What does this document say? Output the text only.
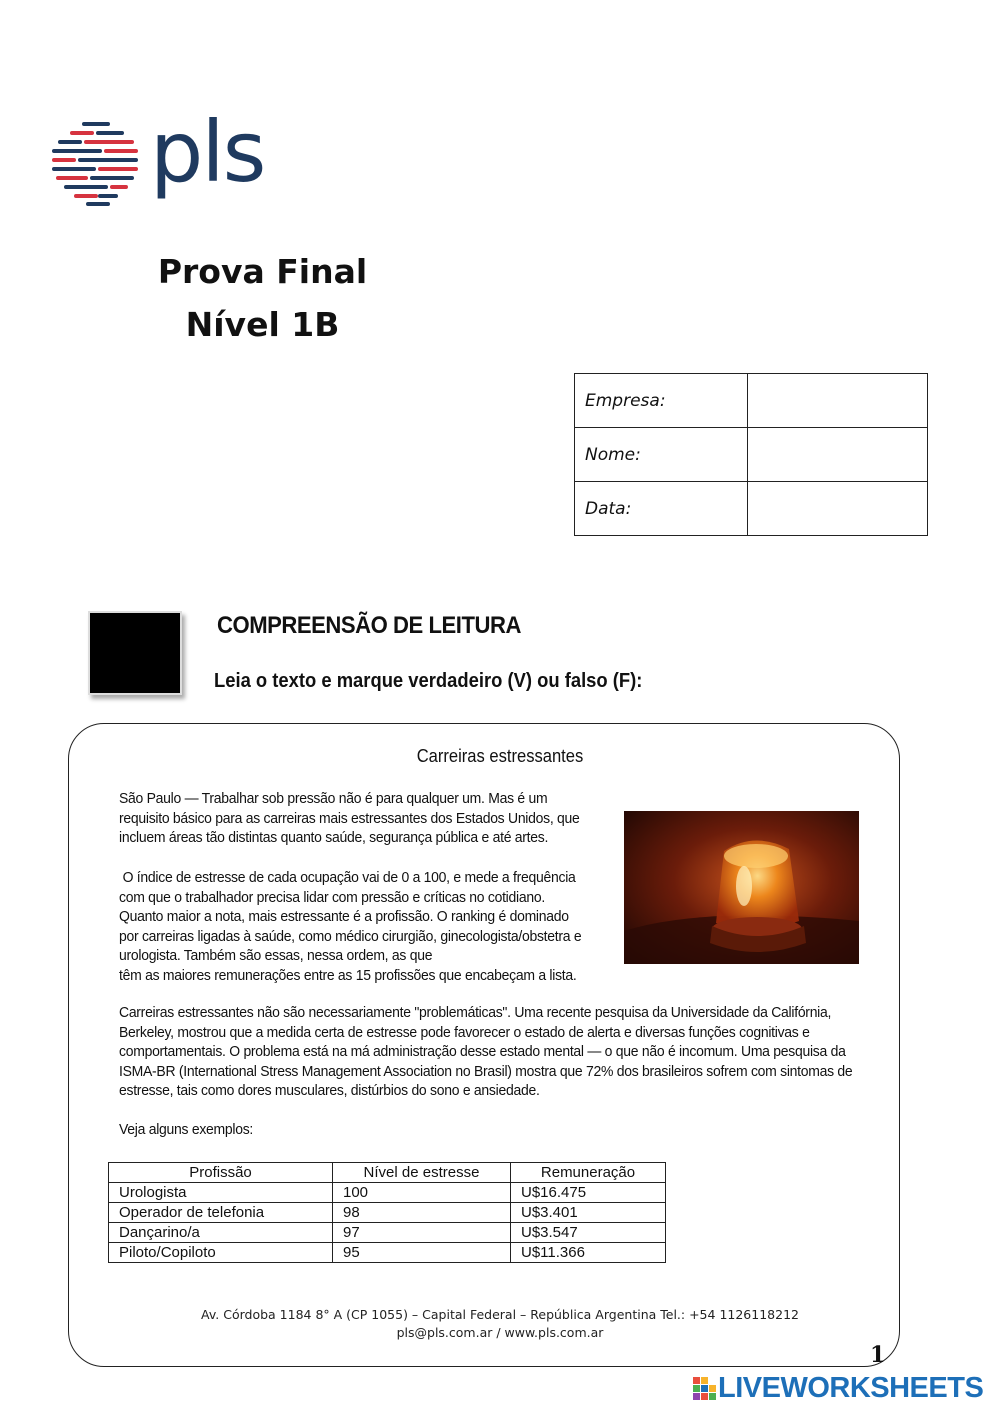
pls
Prova Final
Nível 1B
Empresa:	
Nome:	
Data:	
COMPREENSÃO DE LEITURA
Leia o texto e marque verdadeiro (V) ou falso (F):
Carreiras estressantes
São Paulo — Trabalhar sob pressão não é para qualquer um. Mas é um
requisito básico para as carreiras mais estressantes dos Estados Unidos, que
incluem áreas tão distintas quanto saúde, segurança pública e até artes.
O índice de estresse de cada ocupação vai de 0 a 100, e mede a frequência
com que o trabalhador precisa lidar com pressão e críticas no cotidiano.
Quanto maior a nota, mais estressante é a profissão. O ranking é dominado
por carreiras ligadas à saúde, como médico cirurgião, ginecologista/obstetra e
urologista. Também são essas, nessa ordem, as que
têm as maiores remunerações entre as 15 profissões que encabeçam a lista.
Carreiras estressantes não são necessariamente "problemáticas". Uma recente pesquisa da Universidade da Califórnia,
Berkeley, mostrou que a medida certa de estresse pode favorecer o estado de alerta e diversas funções cognitivas e
comportamentais. O problema está na má administração desse estado mental — o que não é incomum. Uma pesquisa da
ISMA-BR (International Stress Management Association no Brasil) mostra que 72% dos brasileiros sofrem com sintomas de
estresse, tais como dores musculares, distúrbios do sono e ansiedade.
Veja alguns exemplos:
Profissão	Nível de estresse	Remuneração
Urologista	100	U$16.475
Operador de telefonia	98	U$3.401
Dançarino/a	97	U$3.547
Piloto/Copiloto	95	U$11.366
Av. Córdoba 1184 8° A (CP 1055) – Capital Federal – República Argentina Tel.: +54 1126118212
pls@pls.com.ar / www.pls.com.ar
1
LIVEWORKSHEETS
